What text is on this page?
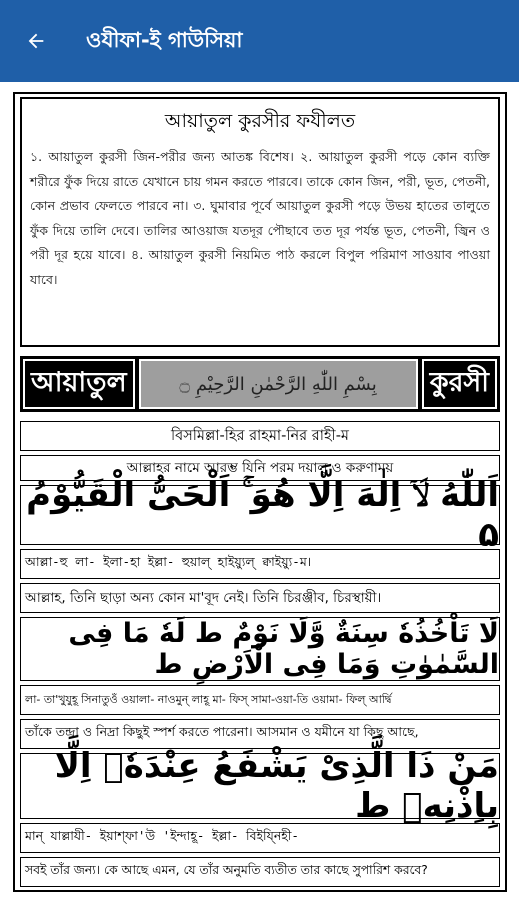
ওযীফা-ই গাউসিয়া
আয়াতুল কুরসীর ফযীলত
১. আয়াতুল কুরসী জিন-পরীর জন্য আতঙ্ক বিশেষ। ২. আয়াতুল কুরসী পড়ে কোন ব্যক্তি শরীরে ফুঁক দিয়ে রাতে যেখানে চায় গমন করতে পারবে। তাকে কোন জিন, পরী, ভূত, পেতনী, কোন প্রভাব ফেলতে পারবে না। ৩. ঘুমাবার পূর্বে আয়াতুল কুরসী পড়ে উভয় হাতের তালুতে ফুঁক দিয়ে তালি দেবে। তালির আওয়াজ যতদূর পৌছাবে তত দূর পর্যন্ত ভূত, পেতনী, জ্বিন ও পরী দূর হয়ে যাবে। ৪. আয়াতুল কুরসী নিয়মিত পাঠ করলে বিপুল পরিমাণ সাওয়াব পাওয়া যাবে।
আয়াতুল	بِسْمِ اللّٰهِ الرَّحْمٰنِ الرَّحِيْمِ ۝	কুরসী
বিসমিল্লা-হির রাহমা-নির রাহী-ম
আল্লাহর নামে আরম্ভ যিনি পরম দয়ালু ও করুণাময়
اَللّٰهُ لَاۤ اِلٰهَ اِلَّا هُوَ ۚ اَلْحَیُّ الْقَیُّوْمُ ۵
আল্লা-হু লা- ইলা-হা ইল্লা- হুয়াল্ হাইয়্যুল্ ক্বাইয়্যু-ম।
আল্লাহ, তিনি ছাড়া অন্য কোন মা'বূদ নেই। তিনি চিরঞ্জীব, চিরস্থায়ী।
لَا تَاْخُذُهٗ سِنَةٌ وَّلَا نَوْمٌ ط لَهٗ مَا فِی السَّمٰوٰتِ وَمَا فِی الْاَرْضِ ط
লা- তা'খুযুহূ সিনাতুওঁ ওয়ালা- নাওমুন্ লাহূ মা- ফিস্ সামা-ওয়া-তি ওয়ামা- ফিল্ আর্দ্বি
তাঁকে তন্দ্রা ও নিদ্রা কিছুই স্পর্শ করতে পারেনা। আসমান ও যমীনে যা কিছু আছে,
مَنْ ذَا الَّذِیْ یَشْفَعُ عِنْدَهٗۤ اِلَّا بِاِذْنِهٖ ط
মান্ যাল্লাযী- ইয়াশ্ফা'উ 'ইন্দাহূ- ইল্লা- বিইয্নিহী-
সবই তাঁর জন্য। কে আছে এমন, যে তাঁর অনুমতি ব্যতীত তার কাছে সুপারিশ করবে?
